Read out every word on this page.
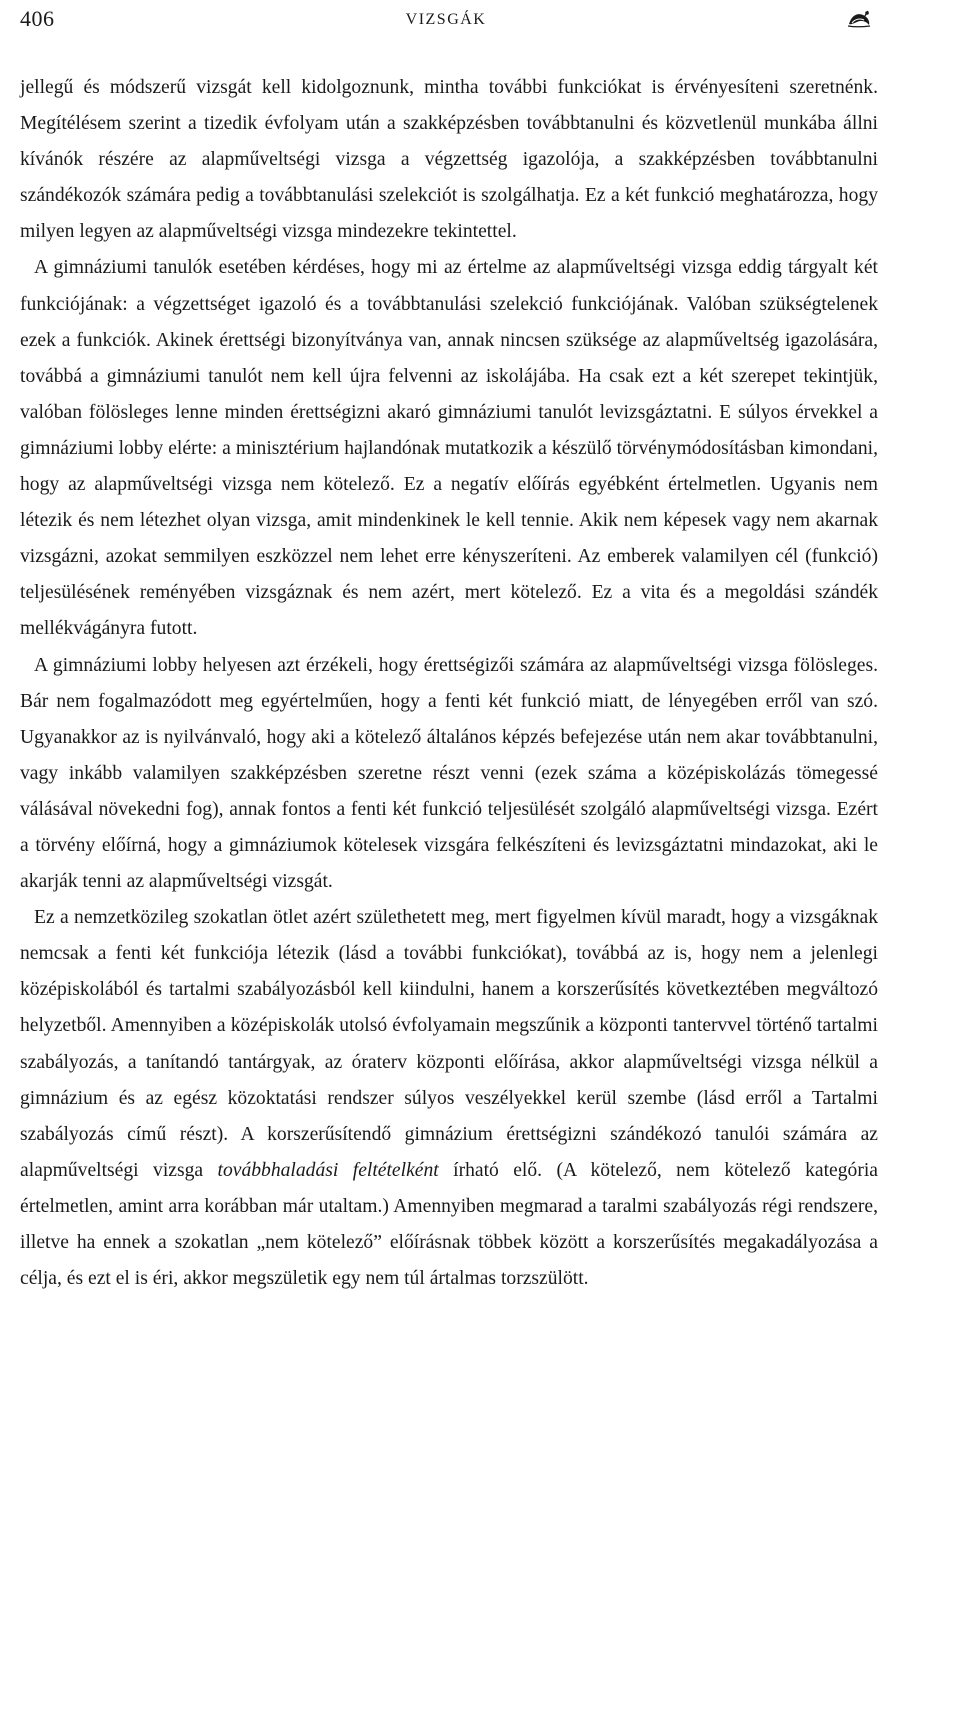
406	VIZSGÁK

jellegű és módszerű vizsgát kell kidolgoznunk, mintha további funkciókat is érvényesíteni szeretnénk. Megítélésem szerint a tizedik évfolyam után a szakképzésben továbbtanulni és közvetlenül munkába állni kívánók részére az alapműveltségi vizsga a végzettség igazolója, a szakképzésben továbbtanulni szándékozók számára pedig a továbbtanulási szelekciót is szolgálhatja. Ez a két funkció meghatározza, hogy milyen legyen az alapműveltségi vizsga mindezekre tekintettel.

A gimnáziumi tanulók esetében kérdéses, hogy mi az értelme az alapműveltségi vizsga eddig tárgyalt két funkciójának: a végzettséget igazoló és a továbbtanulási szelekció funkciójának. Valóban szükségtelenek ezek a funkciók. Akinek érettségi bizonyítványa van, annak nincsen szüksége az alapműveltség igazolására, továbbá a gimnáziumi tanulót nem kell újra felvenni az iskolájába. Ha csak ezt a két szerepet tekintjük, valóban fölösleges lenne minden érettségizni akaró gimnáziumi tanulót levizsgáztatni. E súlyos érvekkel a gimnáziumi lobby elérte: a minisztérium hajlandónak mutatkozik a készülő törvénymódosításban kimondani, hogy az alapműveltségi vizsga nem kötelező. Ez a negatív előírás egyébként értelmetlen. Ugyanis nem létezik és nem létezhet olyan vizsga, amit mindenkinek le kell tennie. Akik nem képesek vagy nem akarnak vizsgázni, azokat semmilyen eszközzel nem lehet erre kényszeríteni. Az emberek valamilyen cél (funkció) teljesülésének reményében vizsgáznak és nem azért, mert kötelező. Ez a vita és a megoldási szándék mellékvágányra futott.

A gimnáziumi lobby helyesen azt érzékeli, hogy érettségizői számára az alapműveltségi vizsga fölösleges. Bár nem fogalmazódott meg egyértelműen, hogy a fenti két funkció miatt, de lényegében erről van szó. Ugyanakkor az is nyilvánvaló, hogy aki a kötelező általános képzés befejezése után nem akar továbbtanulni, vagy inkább valamilyen szakképzésben szeretne részt venni (ezek száma a középiskolázás tömegessé válásával növekedni fog), annak fontos a fenti két funkció teljesülését szolgáló alapműveltségi vizsga. Ezért a törvény előírná, hogy a gimnáziumok kötelesek vizsgára felkészíteni és levizsgáztatni mindazokat, aki le akarják tenni az alapműveltségi vizsgát.

Ez a nemzetközileg szokatlan ötlet azért születhetett meg, mert figyelmen kívül maradt, hogy a vizsgáknak nemcsak a fenti két funkciója létezik (lásd a további funkciókat), továbbá az is, hogy nem a jelenlegi középiskolából és tartalmi szabályozásból kell kiindulni, hanem a korszerűsítés következtében megváltozó helyzetből. Amennyiben a középiskolák utolsó évfolyamain megszűnik a központi tantervvel történő tartalmi szabályozás, a tanítandó tantárgyak, az óraterv központi előírása, akkor alapműveltségi vizsga nélkül a gimnázium és az egész közoktatási rendszer súlyos veszélyekkel kerül szembe (lásd erről a Tartalmi szabályozás című részt). A korszerűsítendő gimnázium érettségizni szándékozó tanulói számára az alapműveltségi vizsga továbbhaladási feltételként írható elő. (A kötelező, nem kötelező kategória értelmetlen, amint arra korábban már utaltam.) Amennyiben megmarad a taralmi szabályozás régi rendszere, illetve ha ennek a szokatlan „nem kötelező” előírásnak többek között a korszerűsítés megakadályozása a célja, és ezt el is éri, akkor megszületik egy nem túl ártalmas torzszülött.
